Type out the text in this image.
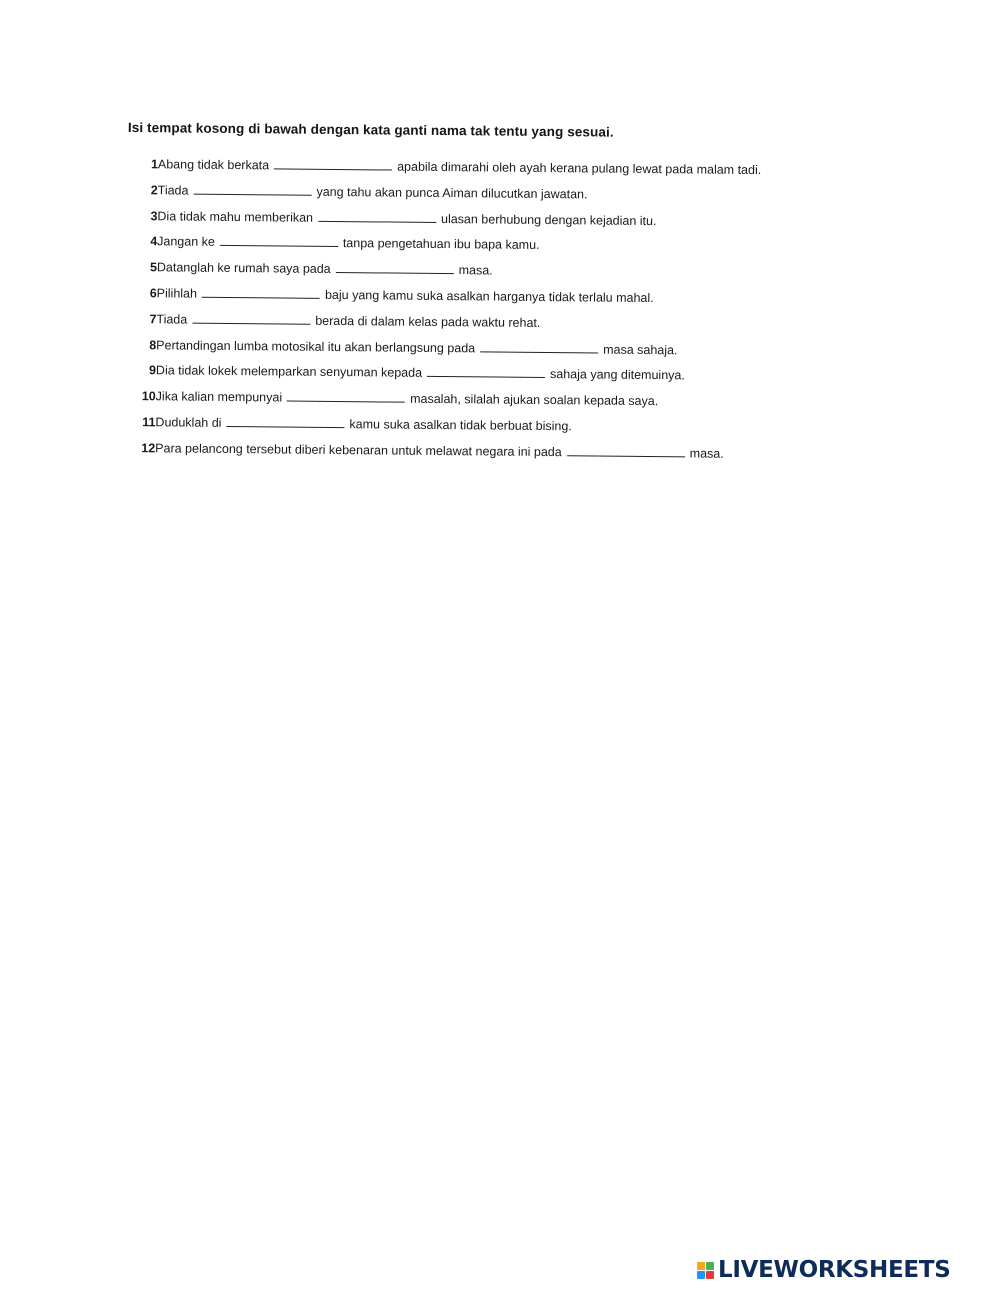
Isi tempat kosong di bawah dengan kata ganti nama tak tentu yang sesuai.
1 Abang tidak berkata	apabila dimarahi oleh ayah kerana pulang lewat pada malam tadi.
2 Tiada	yang tahu akan punca Aiman dilucutkan jawatan.
3 Dia tidak mahu memberikan	ulasan berhubung dengan kejadian itu.
4 Jangan ke	tanpa pengetahuan ibu bapa kamu.
5 Datanglah ke rumah saya pada	masa.
6 Pilihlah	baju yang kamu suka asalkan harganya tidak terlalu mahal.
7 Tiada	berada di dalam kelas pada waktu rehat.
8 Pertandingan lumba motosikal itu akan berlangsung pada	masa sahaja.
9 Dia tidak lokek melemparkan senyuman kepada	sahaja yang ditemuinya.
10 Jika kalian mempunyai	masalah, silalah ajukan soalan kepada saya.
11 Duduklah di	kamu suka asalkan tidak berbuat bising.
12 Para pelancong tersebut diberi kebenaran untuk melawat negara ini pada	masa.
LIVEWORKSHEETS
